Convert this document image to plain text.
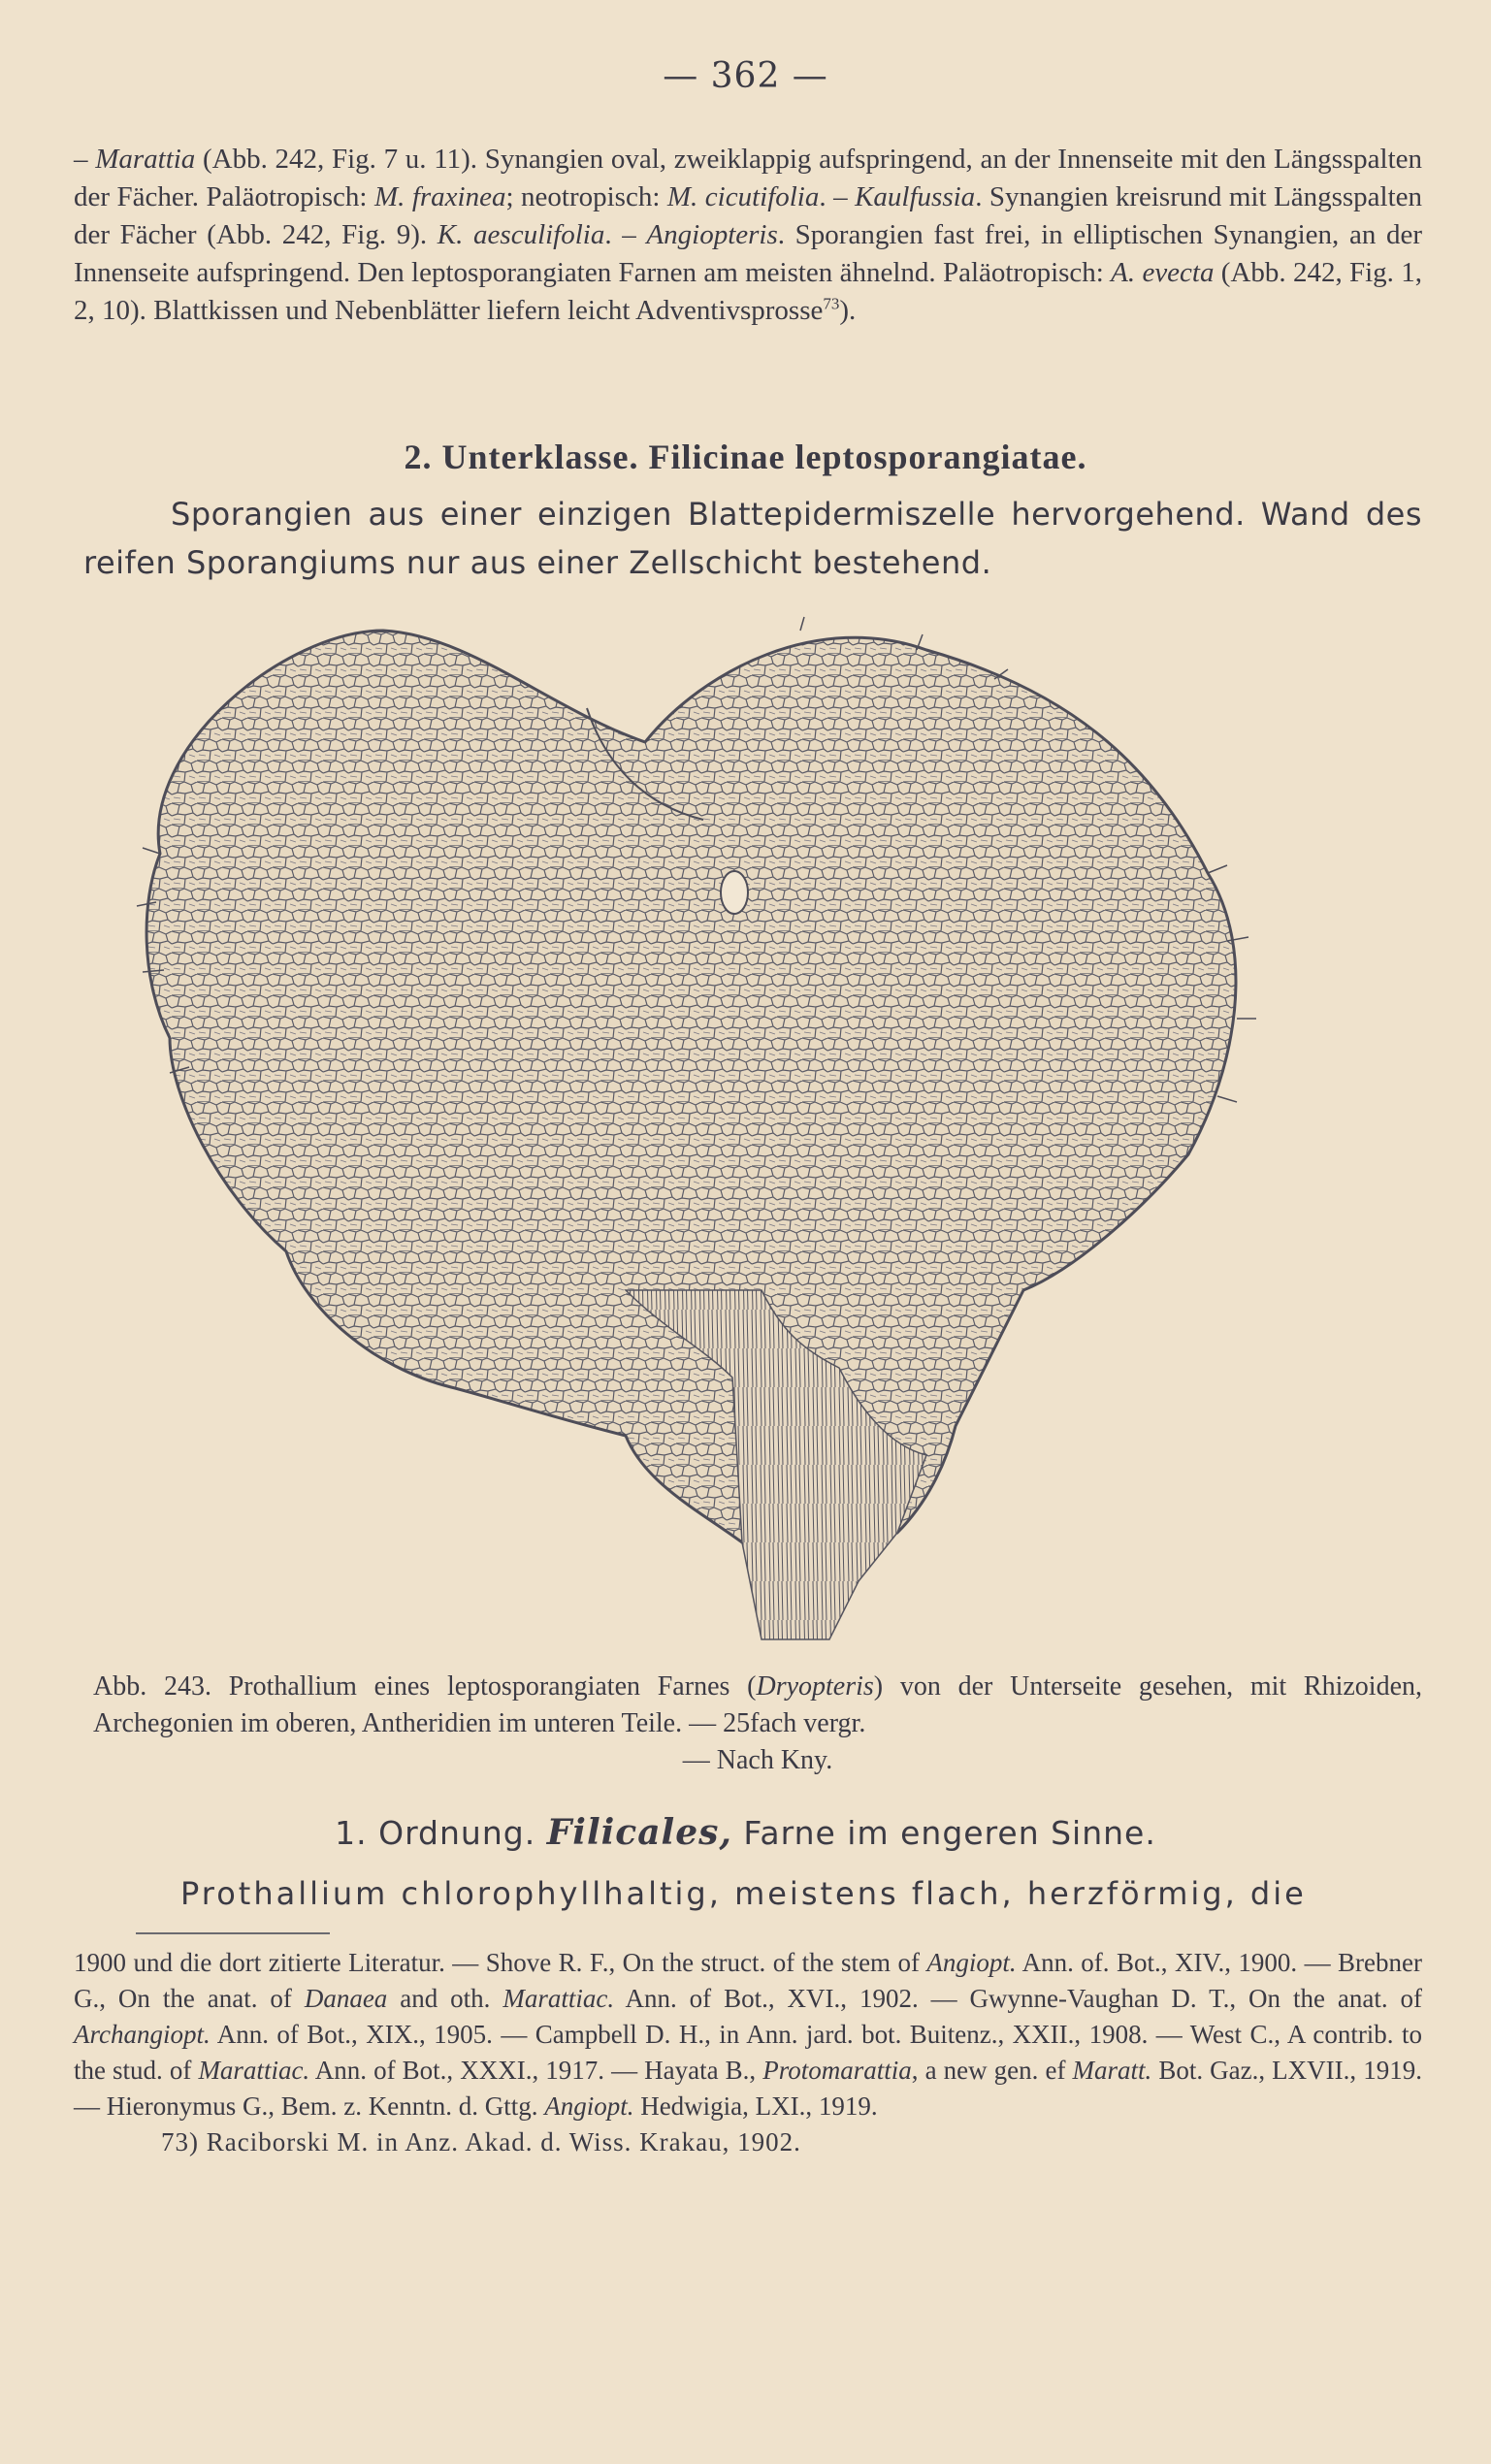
— 362 —
– Marattia (Abb. 242, Fig. 7 u. 11). Synangien oval, zweiklappig aufspringend, an der Innenseite mit den Längsspalten der Fächer. Paläotropisch: M. fraxinea; neotropisch: M. cicutifolia. – Kaulfussia. Synangien kreisrund mit Längsspalten der Fächer (Abb. 242, Fig. 9). K. aesculifolia. – Angiopteris. Sporangien fast frei, in elliptischen Synangien, an der Innenseite aufspringend. Den leptosporangiaten Farnen am meisten ähnelnd. Paläotropisch: A. evecta (Abb. 242, Fig. 1, 2, 10). Blattkissen und Nebenblätter liefern leicht Adventivsprosse$^{73}$).
2. Unterklasse. Filicinae leptosporangiatae.
Sporangien aus einer einzigen Blattepidermiszelle hervorgehend. Wand des reifen Sporangiums nur aus einer Zellschicht bestehend.
Abb. 243. Prothallium eines leptosporangiaten Farnes (Dryopteris) von der Unterseite gesehen, mit Rhizoiden, Archegonien im oberen, Antheridien im unteren Teile. — 25fach vergr.
— Nach Kny.
1. Ordnung. Filicales, Farne im engeren Sinne.
Prothallium chlorophyllhaltig, meistens flach, herzförmig, die
1900 und die dort zitierte Literatur. — Shove R. F., On the struct. of the stem of Angiopt. Ann. of. Bot., XIV., 1900. — Brebner G., On the anat. of Danaea and oth. Marattiac. Ann. of Bot., XVI., 1902. — Gwynne-Vaughan D. T., On the anat. of Archangiopt. Ann. of Bot., XIX., 1905. — Campbell D. H., in Ann. jard. bot. Buitenz., XXII., 1908. — West C., A contrib. to the stud. of Marattiac. Ann. of Bot., XXXI., 1917. — Hayata B., Protomarattia, a new gen. ef Maratt. Bot. Gaz., LXVII., 1919. — Hieronymus G., Bem. z. Kenntn. d. Gttg. Angiopt. Hedwigia, LXI., 1919.
73) Raciborski M. in Anz. Akad. d. Wiss. Krakau, 1902.
